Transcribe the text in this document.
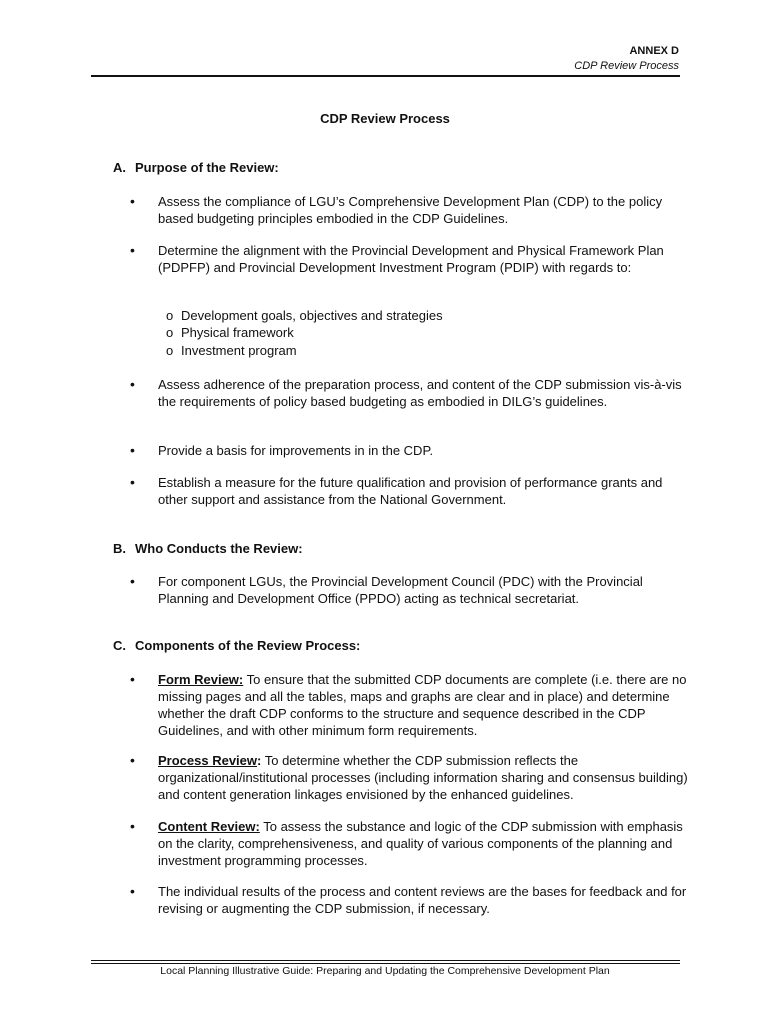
ANNEX D
CDP Review Process
CDP Review Process
A. Purpose of the Review:
• Assess the compliance of LGU’s Comprehensive Development Plan (CDP) to the policy based budgeting principles embodied in the CDP Guidelines.
• Determine the alignment with the Provincial Development and Physical Framework Plan (PDPFP) and Provincial Development Investment Program (PDIP) with regards to:
o Development goals, objectives and strategies
o Physical framework
o Investment program
• Assess adherence of the preparation process, and content of the CDP submission vis-à-vis the requirements of policy based budgeting as embodied in DILG’s guidelines.
• Provide a basis for improvements in in the CDP.
• Establish a measure for the future qualification and provision of performance grants and other support and assistance from the National Government.
B. Who Conducts the Review:
• For component LGUs, the Provincial Development Council (PDC) with the Provincial Planning and Development Office (PPDO) acting as technical secretariat.
C. Components of the Review Process:
• Form Review: To ensure that the submitted CDP documents are complete (i.e. there are no missing pages and all the tables, maps and graphs are clear and in place) and determine whether the draft CDP conforms to the structure and sequence described in the CDP Guidelines, and with other minimum form requirements.
• Process Review: To determine whether the CDP submission reflects the organizational/institutional processes (including information sharing and consensus building) and content generation linkages envisioned by the enhanced guidelines.
• Content Review: To assess the substance and logic of the CDP submission with emphasis on the clarity, comprehensiveness, and quality of various components of the planning and investment programming processes.
• The individual results of the process and content reviews are the bases for feedback and for revising or augmenting the CDP submission, if necessary.
Local Planning Illustrative Guide: Preparing and Updating the Comprehensive Development Plan
